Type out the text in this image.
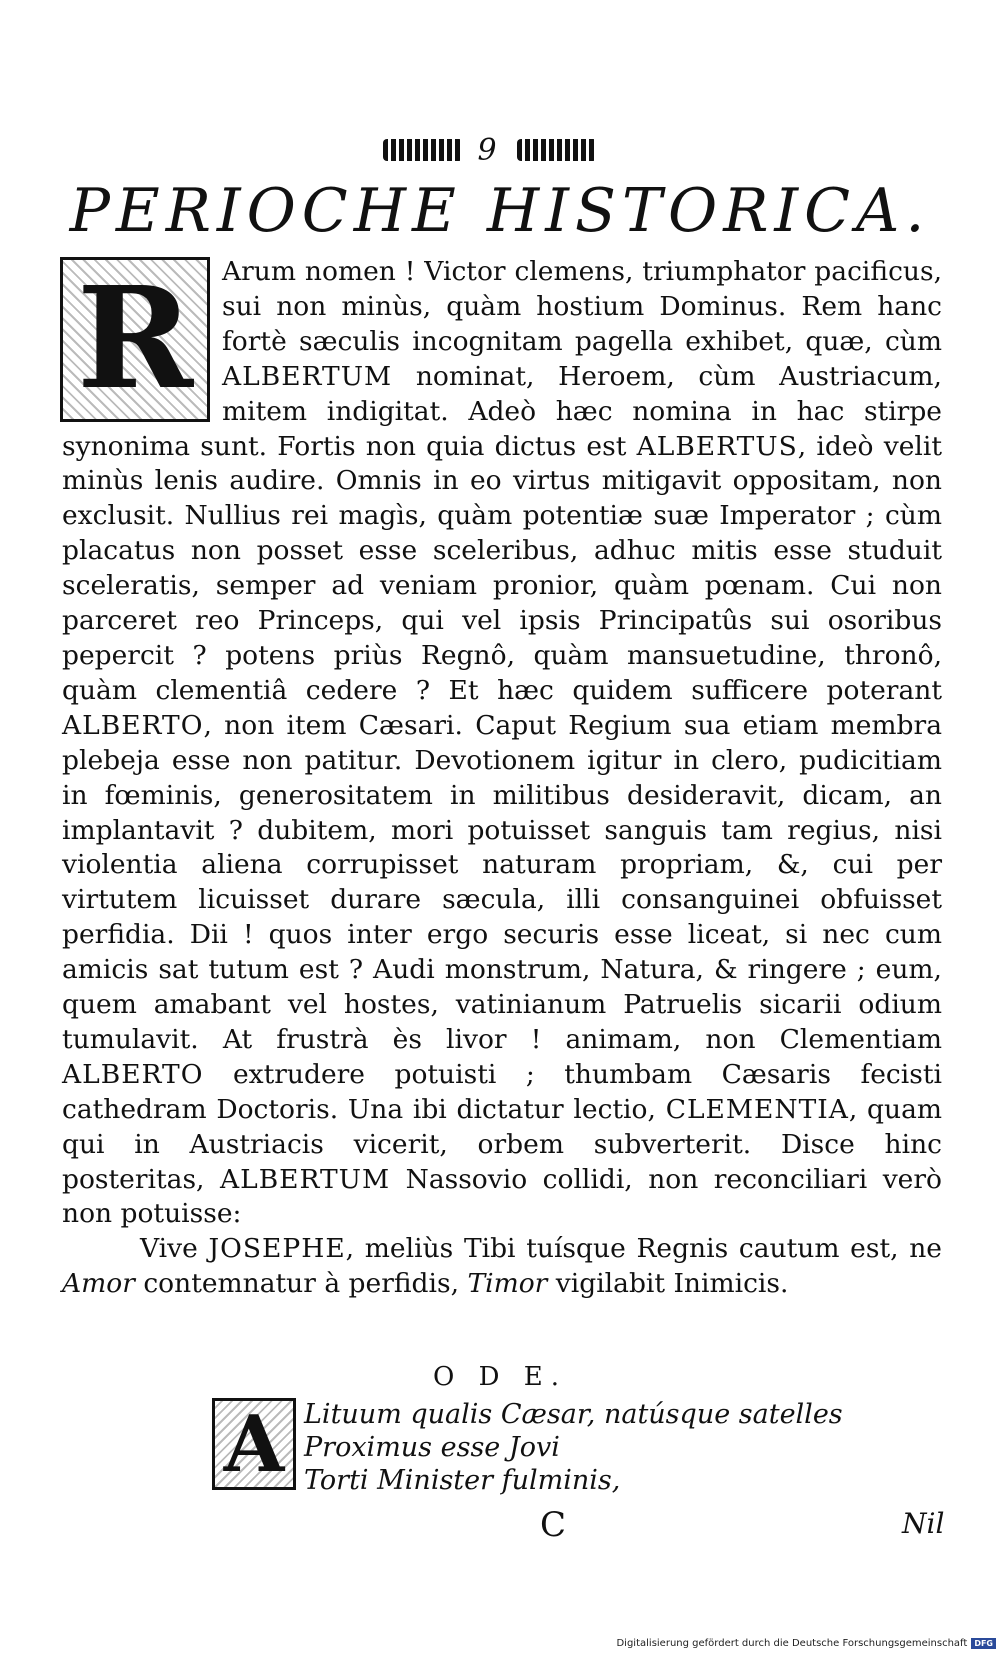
9
PERIOCHE HISTORICA.

R	Arum nomen ! Victor clemens, triumphator pacificus, sui non minùs, quàm hostium Dominus. Rem hanc fortè sæculis incognitam pagella exhibet, quæ, cùm ALBERTUM nominat, Heroem, cùm Austriacum, mitem indigitat. Adeò hæc nomina in hac stirpe synonima sunt. Fortis non quia dictus est ALBERTUS, ideò velit minùs lenis audire. Omnis in eo virtus mitigavit oppositam, non exclusit. Nullius rei magìs, quàm potentiæ suæ Imperator ; cùm placatus non posset esse sceleribus, adhuc mitis esse studuit sceleratis, semper ad veniam pronior, quàm pœnam. Cui non parceret reo Princeps, qui vel ipsis Principatûs sui osoribus pepercit ? potens priùs Regnô, quàm mansuetudine, thronô, quàm clementiâ cedere ? Et hæc quidem sufficere poterant ALBERTO, non item Cæsari. Caput Regium sua etiam membra plebeja esse non patitur. Devotionem igitur in clero, pudicitiam in fœminis, generositatem in militibus desideravit, dicam, an implantavit ? dubitem, mori potuisset sanguis tam regius, nisi violentia aliena corrupisset naturam propriam, &, cui per virtutem licuisset durare sæcula, illi consanguinei obfuisset perfidia. Dii ! quos inter ergo securis esse liceat, si nec cum amicis sat tutum est ? Audi monstrum, Natura, & ringere ; eum, quem amabant vel hostes, vatinianum Patruelis sicarii odium tumulavit. At frustrà ès livor ! animam, non Clementiam ALBERTO extrudere potuisti ; thumbam Cæsaris fecisti cathedram Doctoris. Una ibi dictatur lectio, CLEMENTIA, quam qui in Austriacis vicerit, orbem subverterit. Disce hinc posteritas, ALBERTUM Nassovio collidi, non reconciliari verò non potuisse:
Vive JOSEPHE, meliùs Tibi tuísque Regnis cautum est, ne Amor contemnatur à perfidis, Timor vigilabit Inimicis.

O D E.

A Lituum qualis Cæsar, natúsque satelles
Proximus esse Jovi
Torti Minister fulminis,
C	Nil
Digitalisierung gefördert durch die Deutsche Forschungsgemeinschaft DFG
